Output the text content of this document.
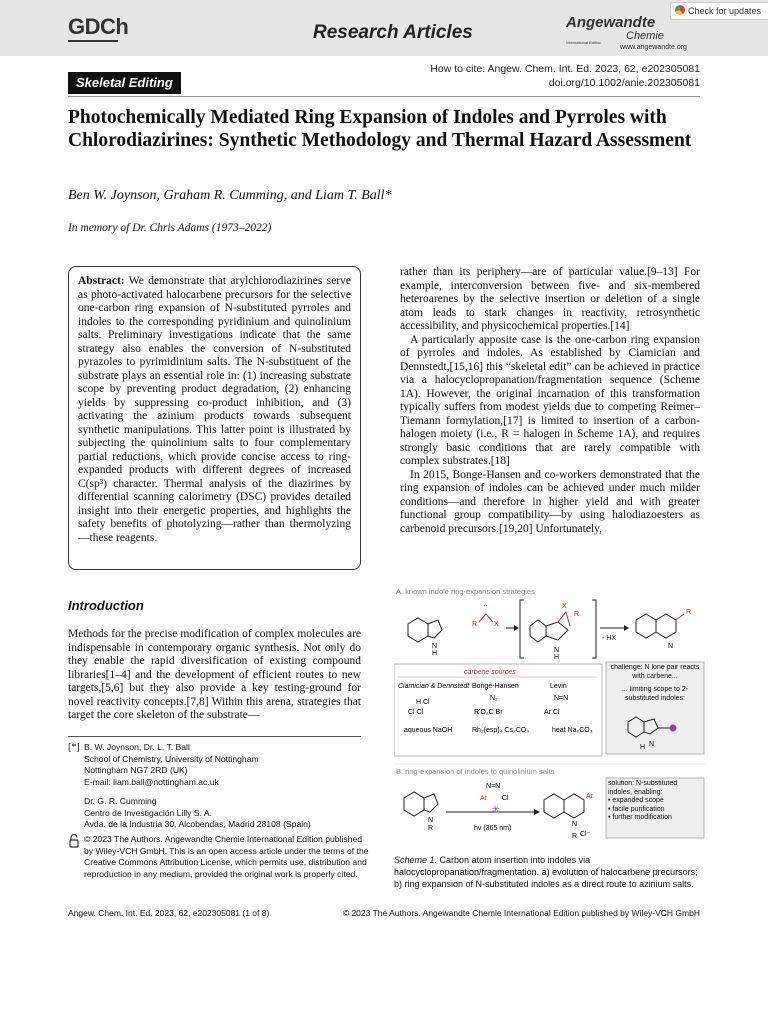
GDCh	Research Articles	Angewandte
Chemie
International Edition
www.angewandte.org
Check for updates
Skeletal Editing
How to cite: Angew. Chem. Int. Ed. 2023, 62, e202305081
doi.org/10.1002/anie.202305081
Photochemically Mediated Ring Expansion of Indoles and Pyrroles with Chlorodiazirines: Synthetic Methodology and Thermal Hazard Assessment
Ben W. Joynson, Graham R. Cumming, and Liam T. Ball*
In memory of Dr. Chris Adams (1973–2022)
Abstract: We demonstrate that arylchlorodiazirines serve as photo-activated halocarbene precursors for the selective one-carbon ring expansion of N-substituted pyrroles and indoles to the corresponding pyridinium and quinolinium salts. Preliminary investigations indicate that the same strategy also enables the conversion of N-substituted pyrazoles to pyrimidinium salts. The N-substituent of the substrate plays an essential role in: (1) increasing substrate scope by preventing product degradation, (2) enhancing yields by suppressing co-product inhibition, and (3) activating the azinium products towards subsequent synthetic manipulations. This latter point is illustrated by subjecting the quinolinium salts to four complementary partial reductions, which provide concise access to ring-expanded products with different degrees of increased C(sp³) character. Thermal analysis of the diazirines by differential scanning calorimetry (DSC) provides detailed insight into their energetic properties, and highlights the safety benefits of photolyzing—rather than thermolyzing—these reagents.
Introduction
Methods for the precise modification of complex molecules are indispensable in contemporary organic synthesis. Not only do they enable the rapid diversification of existing compound libraries[1–4] and the development of efficient routes to new targets,[5,6] but they also provide a key testing-ground for novel reactivity concepts.[7,8] Within this arena, strategies that target the core skeleton of the substrate—
[*] B. W. Joynson, Dr. L. T. Ball
School of Chemistry, University of Nottingham
Nottingham NG7 2RD (UK)
E-mail: liam.ball@nottingham.ac.uk
Dr. G. R. Cumming
Centro de Investigación Lilly S. A.
Avda. de la Industria 30, Alcobendas, Madrid 28108 (Spain)
© 2023 The Authors. Angewandte Chemie International Edition published by Wiley-VCH GmbH. This is an open access article under the terms of the Creative Commons Attribution License, which permits use, distribution and reproduction in any medium, provided the original work is properly cited.

rather than its periphery—are of particular value.[9–13] For example, interconversion between five- and six-membered heteroarenes by the selective insertion or deletion of a single atom leads to stark changes in reactivity, retrosynthetic accessibility, and physicochemical properties.[14]

A particularly apposite case is the one-carbon ring expansion of pyrroles and indoles. As established by Ciamician and Dennstedt,[15,16] this “skeletal edit” can be achieved in practice via a halocyclopropanation/fragmentation sequence (Scheme 1A). However, the original incarnation of this transformation typically suffers from modest yields due to competing Reimer–Tiemann formylation,[17] is limited to insertion of a carbon-halogen moiety (i.e., R = halogen in Scheme 1A), and requires strongly basic conditions that are rarely compatible with complex substrates.[18]

In 2015, Bonge-Hansen and co-workers demonstrated that the ring expansion of indoles can be achieved under much milder conditions—and therefore in higher yield and with greater functional group compatibility—by using halodiazoesters as carbenoid precursors.[19,20] Unfortunately,

A. known indole ring-expansion strategies
N
H
R X
··	X
R
N
H
- HX
R
N
carbene sources
Ciamician & Dennstedt Bonge-Hansen	Levin
Cl Cl
H Cl
R'O₂C Br
N₂
Ar Cl
N=N
aqueous NaOH	Rh₂(esp)₄ Cs₂CO₃	heat Na₂CO₃
challenge: N lone pair reacts with carbene...
... limiting scope to 2-substituted indoles:
N
H
B. ring-expansion of indoles to quinolinium salts
N
R
N=N
Ar Cl
✳
hv (365 nm)
Ar
N
Cl⁻
R
solution: N-substituted indoles, enabling:
• expanded scope
• facile purification
• further modification
Scheme 1. Carbon atom insertion into indoles via halocyclopropanation/fragmentation. a) evolution of halocarbene precursors; b) ring expansion of N-substituted indoles as a direct route to azinium salts.
Angew. Chem. Int. Ed. 2023, 62, e202305081 (1 of 8)	© 2023 The Authors. Angewandte Chemie International Edition published by Wiley-VCH GmbH
